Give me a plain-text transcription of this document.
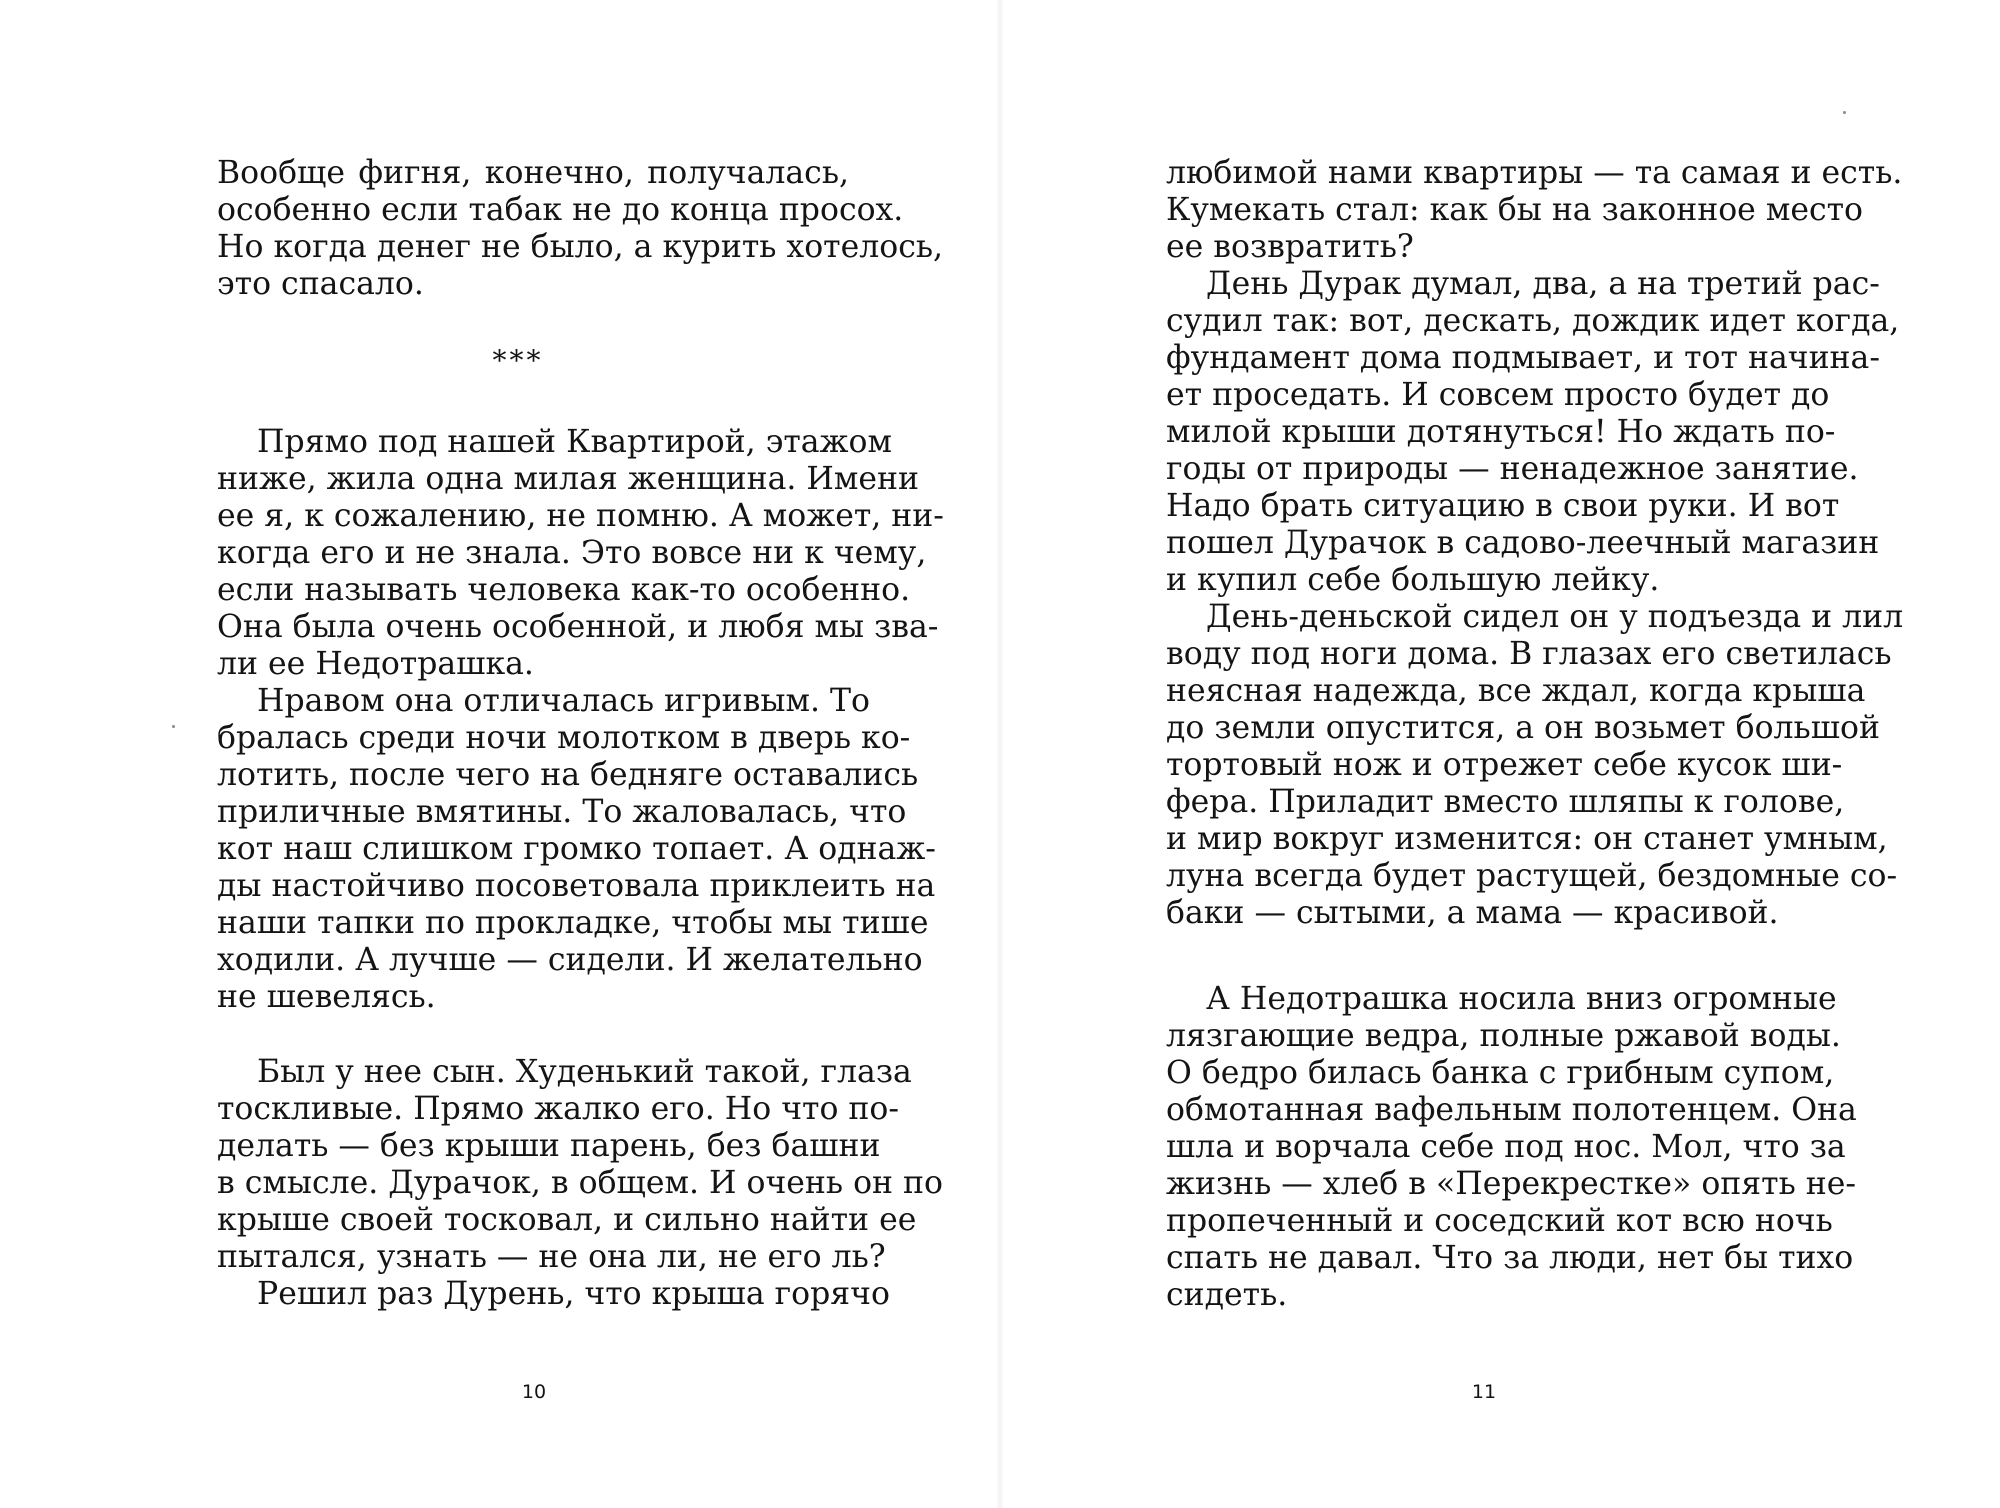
Вообще фигня, конечно, получалась,
особенно если табак не до конца просох.
Но когда денег не было, а курить хотелось,
это спасало.
***
Прямо под нашей Квартирой, этажом
ниже, жила одна милая женщина. Имени
ее я, к сожалению, не помню. А может, ни-
когда его и не знала. Это вовсе ни к чему,
если называть человека как-то особенно.
Она была очень особенной, и любя мы зва-
ли ее Недотрашка.
Нравом она отличалась игривым. То
бралась среди ночи молотком в дверь ко-
лотить, после чего на бедняге оставались
приличные вмятины. То жаловалась, что
кот наш слишком громко топает. А однаж-
ды настойчиво посоветовала приклеить на
наши тапки по прокладке, чтобы мы тише
ходили. А лучше — сидели. И желательно
не шевелясь.
Был у нее сын. Худенький такой, глаза
тоскливые. Прямо жалко его. Но что по-
делать — без крыши парень, без башни
в смысле. Дурачок, в общем. И очень он по
крыше своей тосковал, и сильно найти ее
пытался, узнать — не она ли, не его ль?
Решил раз Дурень, что крыша горячо
10
любимой нами квартиры — та самая и есть.
Кумекать стал: как бы на законное место
ее возвратить?
День Дурак думал, два, а на третий рас-
судил так: вот, дескать, дождик идет когда,
фундамент дома подмывает, и тот начина-
ет проседать. И совсем просто будет до
милой крыши дотянуться! Но ждать по-
годы от природы — ненадежное занятие.
Надо брать ситуацию в свои руки. И вот
пошел Дурачок в садово-леечный магазин
и купил себе большую лейку.
День-деньской сидел он у подъезда и лил
воду под ноги дома. В глазах его светилась
неясная надежда, все ждал, когда крыша
до земли опустится, а он возьмет большой
тортовый нож и отрежет себе кусок ши-
фера. Приладит вместо шляпы к голове,
и мир вокруг изменится: он станет умным,
луна всегда будет растущей, бездомные со-
баки — сытыми, а мама — красивой.
А Недотрашка носила вниз огромные
лязгающие ведра, полные ржавой воды.
О бедро билась банка с грибным супом,
обмотанная вафельным полотенцем. Она
шла и ворчала себе под нос. Мол, что за
жизнь — хлеб в «Перекрестке» опять не-
пропеченный и соседский кот всю ночь
спать не давал. Что за люди, нет бы тихо
сидеть.
11
